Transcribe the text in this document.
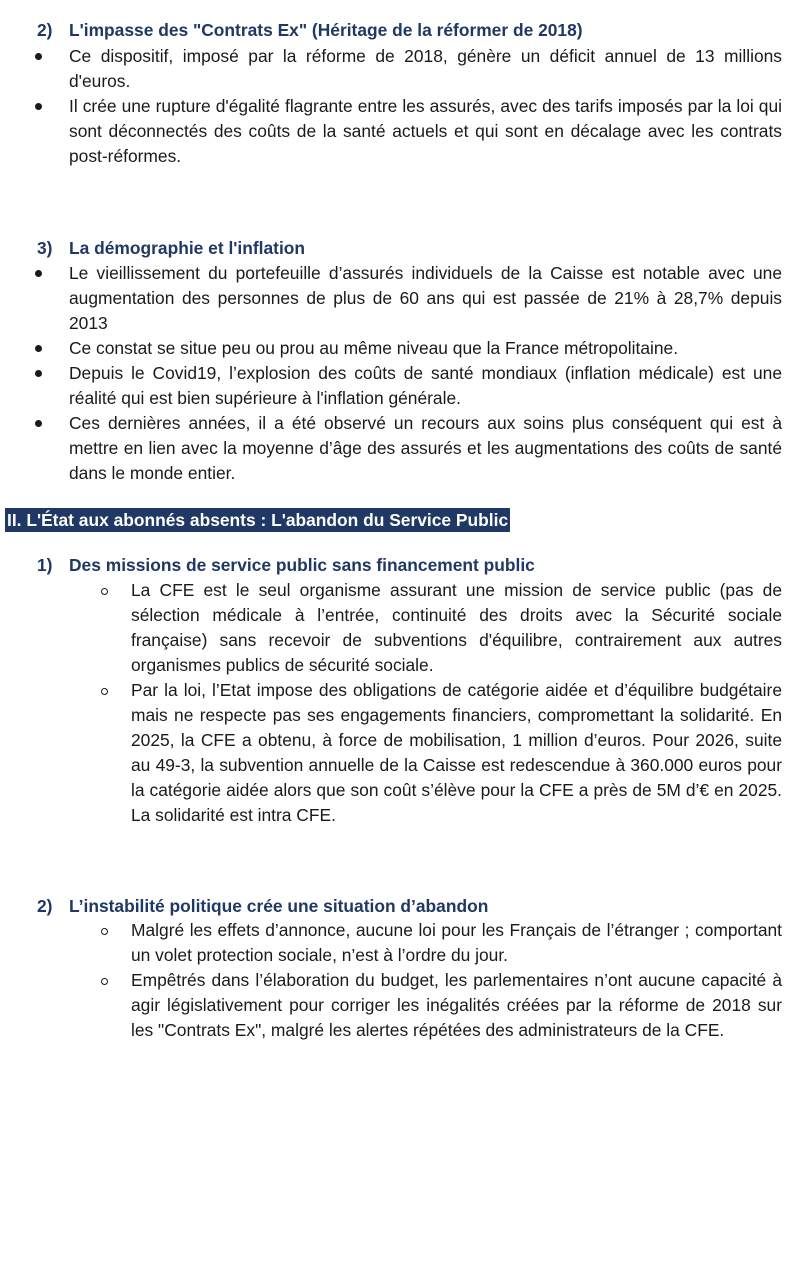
2) L'impasse des "Contrats Ex" (Héritage de la réformer de 2018)
Ce dispositif, imposé par la réforme de 2018, génère un déficit annuel de 13 millions d'euros.
Il crée une rupture d'égalité flagrante entre les assurés, avec des tarifs imposés par la loi qui sont déconnectés des coûts de la santé actuels et qui sont en décalage avec les contrats post-réformes.
3) La démographie et l'inflation
Le vieillissement du portefeuille d’assurés individuels de la Caisse est notable avec une augmentation des personnes de plus de 60 ans qui est passée de 21% à 28,7% depuis 2013
Ce constat se situe peu ou prou au même niveau que la France métropolitaine.
Depuis le Covid19, l’explosion des coûts de santé mondiaux (inflation médicale) est une réalité qui est bien supérieure à l'inflation générale.
Ces dernières années, il a été observé un recours aux soins plus conséquent qui est à mettre en lien avec la moyenne d’âge des assurés et les augmentations des coûts de santé dans le monde entier.
II. L'État aux abonnés absents : L'abandon du Service Public
1) Des missions de service public sans financement public
La CFE est le seul organisme assurant une mission de service public (pas de sélection médicale à l’entrée, continuité des droits avec la Sécurité sociale française) sans recevoir de subventions d'équilibre, contrairement aux autres organismes publics de sécurité sociale.
Par la loi, l’Etat impose des obligations de catégorie aidée et d’équilibre budgétaire mais ne respecte pas ses engagements financiers, compromettant la solidarité. En 2025, la CFE a obtenu, à force de mobilisation, 1 million d’euros. Pour 2026, suite au 49-3, la subvention annuelle de la Caisse est redescendue à 360.000 euros pour la catégorie aidée alors que son coût s’élève pour la CFE a près de 5M d’€ en 2025. La solidarité est intra CFE.
2) L’instabilité politique crée une situation d’abandon
Malgré les effets d’annonce, aucune loi pour les Français de l’étranger ; comportant un volet protection sociale, n’est à l’ordre du jour.
Empêtrés dans l’élaboration du budget, les parlementaires n’ont aucune capacité à agir législativement pour corriger les inégalités créées par la réforme de 2018 sur les "Contrats Ex", malgré les alertes répétées des administrateurs de la CFE.
